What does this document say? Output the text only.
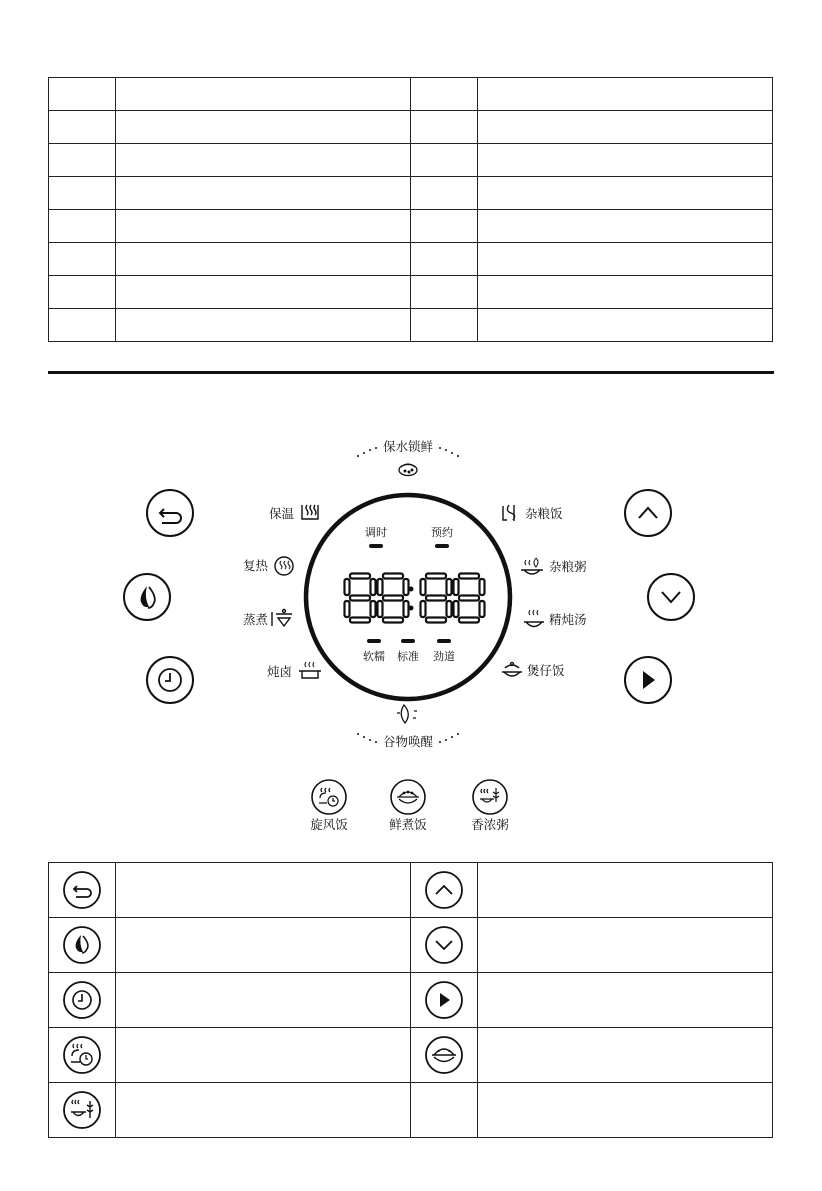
保水锁鲜
调时	预约
软糯 标准 劲道
谷物唤醒
保温
复热
蒸煮
炖卤
杂粮饭
杂粮粥
精炖汤
煲仔饭
旋风饭	鲜煮饭	香浓粥
